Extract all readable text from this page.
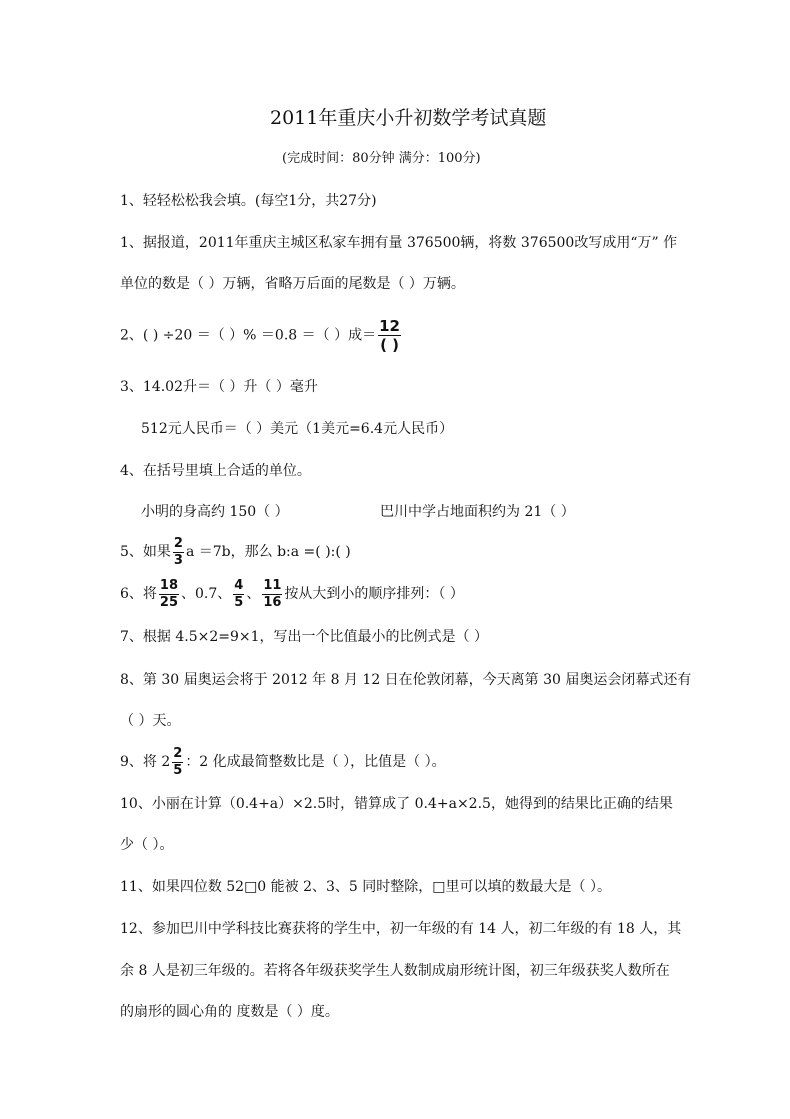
2011年重庆小升初数学考试真题
(完成时间：80分钟 满分：100分)
1、轻轻松松我会填。(每空1分，共27分)
1、据报道，2011年重庆主城区私家车拥有量 376500辆，将数 376500改写成用“万” 作
单位的数是（ ）万辆，省略万后面的尾数是（ ）万辆。
2、( ) ÷20 ＝（ ）% ＝0.8 ＝（ ）成＝ $\frac{12}{( )}$
3、14.02升＝（ ）升（ ）毫升
512元人民币＝（ ）美元（1美元=6.4元人民币）
4、在括号里填上合适的单位。
小明的身高约 150（ ）	巴川中学占地面积约为 21（ ）
5、如果 $\frac{2}{3}$ a ＝7b，那么 b:a =( ):( )
6、将 $\frac{18}{25}$ 、0.7、 $\frac{4}{5}$ 、 $\frac{11}{16}$ 按从大到小的顺序排列：（ ）
7、根据 4.5×2=9×1，写出一个比值最小的比例式是（ ）
8、第 30 届奥运会将于 2012 年 8 月 12 日在伦敦闭幕，今天离第 30 届奥运会闭幕式还有
（ ）天。
9、将 $2 \frac{2}{5}$ ：2 化成最简整数比是（ ），比值是（ ）。
10、小丽在计算（0.4+a）×2.5时，错算成了 0.4+a×2.5，她得到的结果比正确的结果
少（ ）。
11、如果四位数 52□0 能被 2、3、5 同时整除，□里可以填的数最大是（ ）。
12、参加巴川中学科技比赛获将的学生中，初一年级的有 14 人，初二年级的有 18 人，其
余 8 人是初三年级的。若将各年级获奖学生人数制成扇形统计图，初三年级获奖人数所在
的扇形的圆心角的 度数是（ ）度。
